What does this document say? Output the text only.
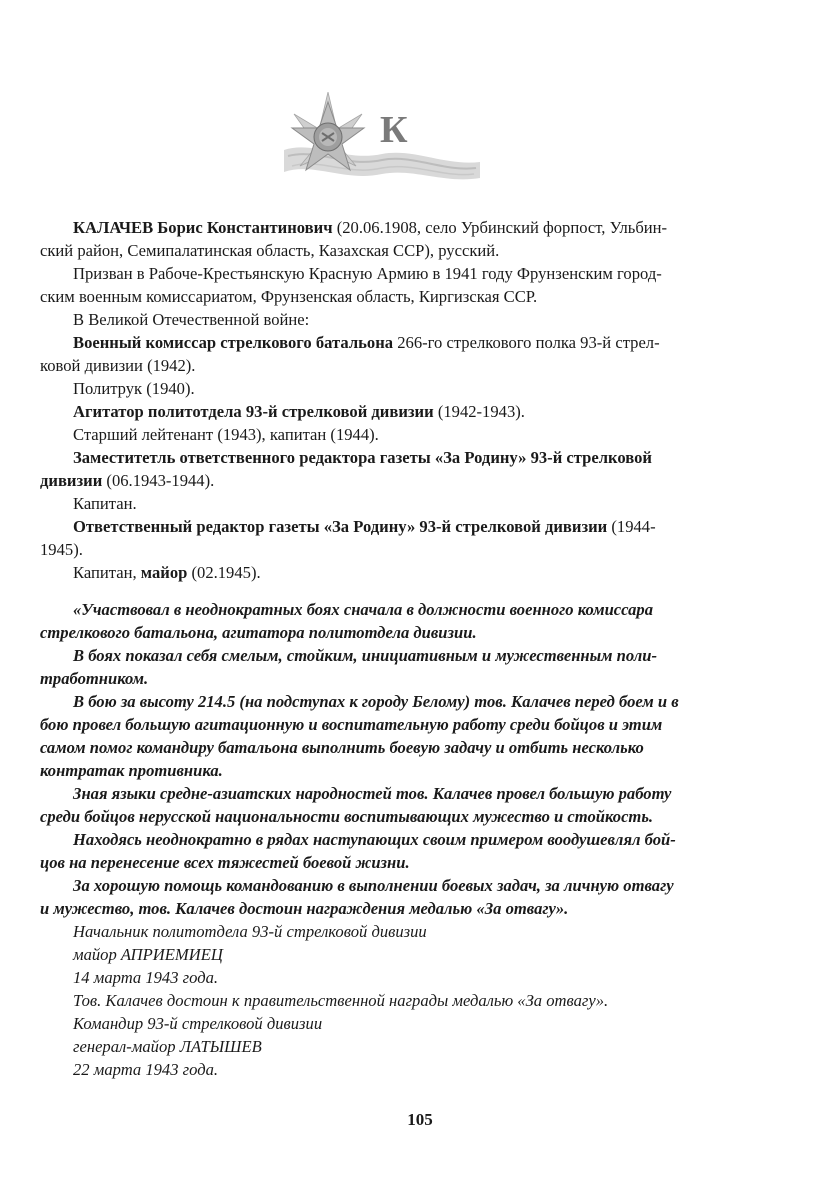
К

КАЛАЧЕВ Борис Константинович (20.06.1908, село Урбинский форпост, Ульбин-
ский район, Семипалатинская область, Казахская ССР), русский.

Призван в Рабоче-Крестьянскую Красную Армию в 1941 году Фрунзенским город-
ским военным комиссариатом, Фрунзенская область, Киргизская ССР.

В Великой Отечественной войне:

Военный комиссар стрелкового батальона 266-го стрелкового полка 93-й стрел-
ковой дивизии (1942).

Политрук (1940).

Агитатор политотдела 93-й стрелковой дивизии (1942-1943).

Старший лейтенант (1943), капитан (1944).

Заместитетль ответственного редактора газеты «За Родину» 93-й стрелковой
дивизии (06.1943-1944).

Капитан.

Ответственный редактор газеты «За Родину» 93-й стрелковой дивизии (1944-
1945).

Капитан, майор (02.1945).

«Участвовал в неоднократных боях сначала в должности военного комиссара
стрелкового батальона, агитатора политотдела дивизии.

В боях показал себя смелым, стойким, инициативным и мужественным поли-
тработником.

В бою за высоту 214.5 (на подступах к городу Белому) тов. Калачев перед боем и в
бою провел большую агитационную и воспитательную работу среди бойцов и этим
самом помог командиру батальона выполнить боевую задачу и отбить несколько
контратак противника.

Зная языки средне-азиатских народностей тов. Калачев провел большую работу
среди бойцов нерусской национальности воспитывающих мужество и стойкость.

Находясь неоднократно в рядах наступающих своим примером воодушевлял бой-
цов на перенесение всех тяжестей боевой жизни.

За хорошую помощь командованию в выполнении боевых задач, за личную отвагу
и мужество, тов. Калачев достоин награждения медалью «За отвагу».

Начальник политотдела 93-й стрелковой дивизии

майор АПРИЕМИЕЦ

14 марта 1943 года.

Тов. Калачев достоин к правительственной награды медалью «За отвагу».

Командир 93-й стрелковой дивизии

генерал-майор ЛАТЫШЕВ

22 марта 1943 года.

105
